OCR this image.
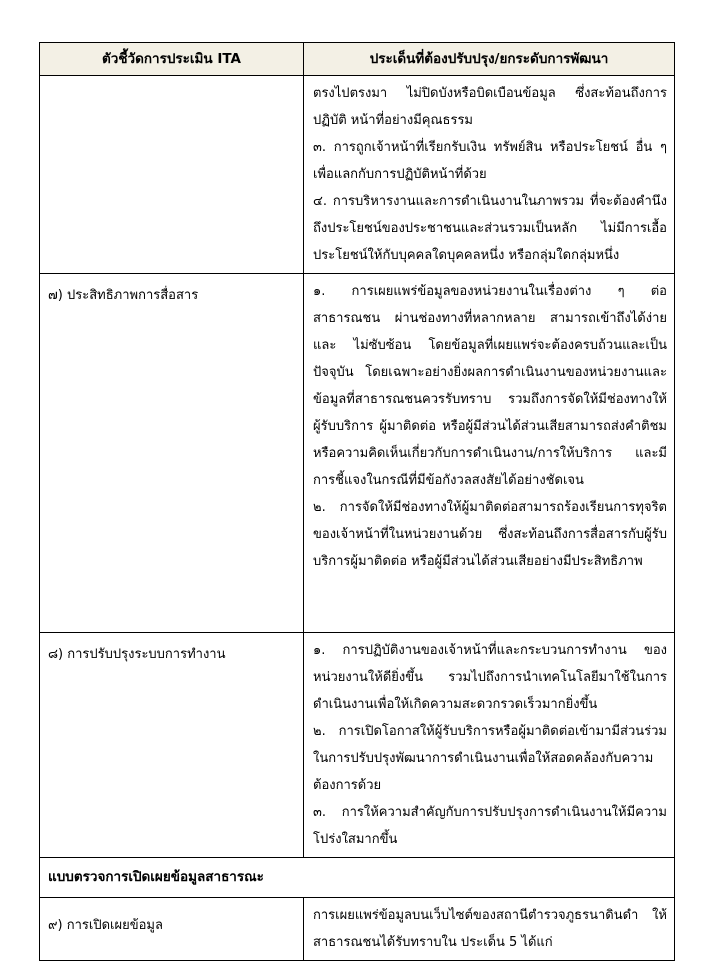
ตัวชี้วัดการประเมิน ITA	ประเด็นที่ต้องปรับปรุง/ยกระดับการพัฒนา

	ตรงไปตรงมา ไม่ปิดบังหรือบิดเบือนข้อมูล ซึ่งสะท้อนถึงการปฏิบัติ หน้าที่อย่างมีคุณธรรม
๓. การถูกเจ้าหน้าที่เรียกรับเงิน ทรัพย์สิน หรือประโยชน์ อื่น ๆ เพื่อแลกกับการปฏิบัติหน้าที่ด้วย
๔. การบริหารงานและการดำเนินงานในภาพรวม ที่จะต้องคำนึงถึงประโยชน์ของประชาชนและส่วนรวมเป็นหลัก ไม่มีการเอื้อ ประโยชน์ให้กับบุคคลใดบุคคลหนึ่ง หรือกลุ่มใดกลุ่มหนึ่ง

๗) ประสิทธิภาพการสื่อสาร	๑. การเผยแพร่ข้อมูลของหน่วยงานในเรื่องต่าง ๆ ต่อสาธารณชน ผ่านช่องทางที่หลากหลาย สามารถเข้าถึงได้ง่ายและ ไม่ซับซ้อน โดยข้อมูลที่เผยแพร่จะต้องครบถ้วนและเป็นปัจจุบัน โดยเฉพาะอย่างยิ่งผลการดำเนินงานของหน่วยงานและ ข้อมูลที่สาธารณชนควรรับทราบ รวมถึงการจัดให้มีช่องทางให้ ผู้รับบริการ ผู้มาติดต่อ หรือผู้มีส่วนได้ส่วนเสียสามารถส่งคำติชม หรือความคิดเห็นเกี่ยวกับการดำเนินงาน/การให้บริการ และมีการชี้แจงในกรณีที่มีข้อกังวลสงสัยได้อย่างชัดเจน
๒. การจัดให้มีช่องทางให้ผู้มาติดต่อสามารถร้องเรียนการทุจริตของเจ้าหน้าที่ในหน่วยงานด้วย ซึ่งสะท้อนถึงการสื่อสารกับผู้รับบริการผู้มาติดต่อ หรือผู้มีส่วนได้ส่วนเสียอย่างมีประสิทธิภาพ

๘) การปรับปรุงระบบการทำงาน	๑. การปฏิบัติงานของเจ้าหน้าที่และกระบวนการทำงาน ของหน่วยงานให้ดียิ่งขึ้น รวมไปถึงการนำเทคโนโลยีมาใช้ในการดำเนินงานเพื่อให้เกิดความสะดวกรวดเร็วมากยิ่งขึ้น
๒. การเปิดโอกาสให้ผู้รับบริการหรือผู้มาติดต่อเข้ามามีส่วนร่วมในการปรับปรุงพัฒนาการดำเนินงานเพื่อให้สอดคล้องกับความต้องการด้วย
๓. การให้ความสำคัญกับการปรับปรุงการดำเนินงานให้มีความโปร่งใสมากขึ้น

แบบตรวจการเปิดเผยข้อมูลสาธารณะ	

๙) การเปิดเผยข้อมูล	การเผยแพร่ข้อมูลบนเว็บไซต์ของสถานีตำรวจภูธรนาดินดำ ให้สาธารณชนได้รับทราบใน ประเด็น 5 ได้แก่
